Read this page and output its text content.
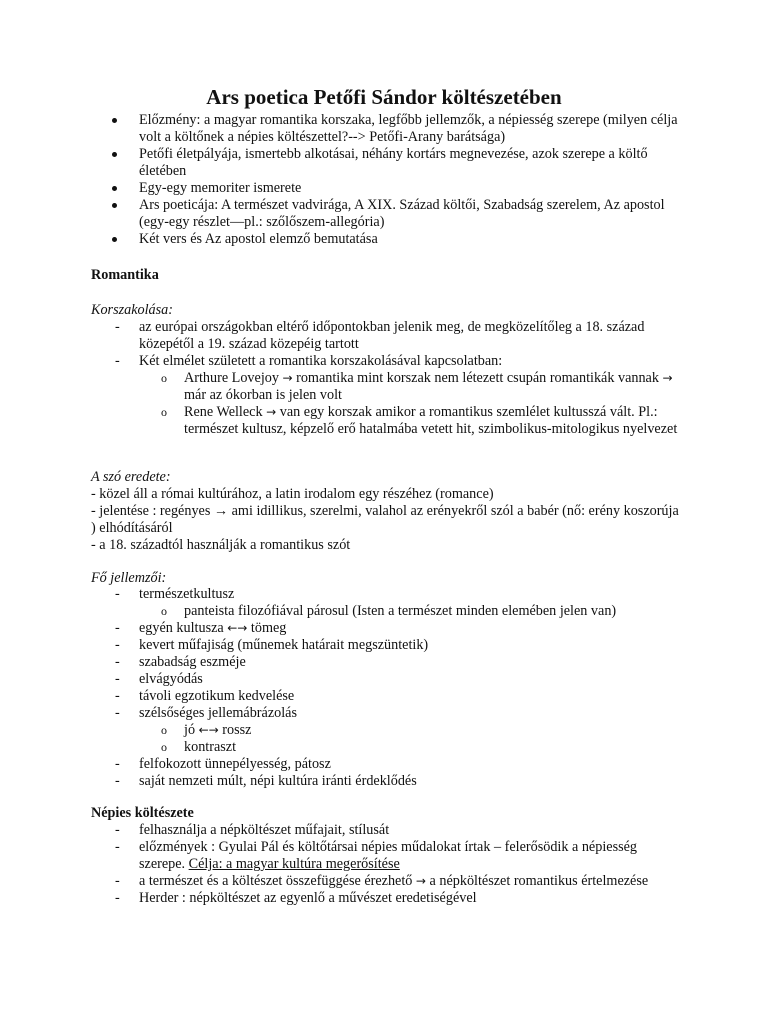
Ars poetica Petőfi Sándor költészetében
Előzmény: a magyar romantika korszaka, legfőbb jellemzők, a népiesség szerepe (milyen célja volt a költőnek a népies költészettel?--> Petőfi-Arany barátsága)
Petőfi életpályája, ismertebb alkotásai, néhány kortárs megnevezése, azok szerepe a költő életében
Egy-egy memoriter ismerete
Ars poeticája: A természet vadvirága, A XIX. Század költői, Szabadság szerelem, Az apostol (egy-egy részlet—pl.: szőlőszem-allegória)
Két vers és Az apostol elemző bemutatása
Romantika
Korszakolása:
- az európai országokban eltérő időpontokban jelenik meg, de megközelítőleg a 18. század közepétől a 19. század közepéig tartott
- Két elmélet született a romantika korszakolásával kapcsolatban:
o Arthure Lovejoy → romantika mint korszak nem létezett csupán romantikák vannak → már az ókorban is jelen volt
o Rene Welleck → van egy korszak amikor a romantikus szemlélet kultusszá vált. Pl.: természet kultusz, képzelő erő hatalmába vetett hit, szimbolikus-mitologikus nyelvezet
A szó eredete:
- közel áll a római kultúrához, a latin irodalom egy részéhez (romance)
- jelentése : regényes → ami idillikus, szerelmi, valahol az erényekről szól a babér (nő: erény koszorúja ) elhódításáról
- a 18. századtól használják a romantikus szót
Fő jellemzői:
- természetkultusz
o panteista filozófiával párosul (Isten a természet minden elemében jelen van)
- egyén kultusza ←→ tömeg
- kevert műfajiság (műnemek határait megszüntetik)
- szabadság eszméje
- elvágyódás
- távoli egzotikum kedvelése
- szélsőséges jellemábrázolás
o jó ←→ rossz
o kontraszt
- felfokozott ünnepélyesség, pátosz
- saját nemzeti múlt, népi kultúra iránti érdeklődés
Népies költészete
- felhasználja a népköltészet műfajait, stílusát
- előzmények : Gyulai Pál és költőtársai népies műdalokat írtak – felerősödik a népiesség szerepe. Célja: a magyar kultúra megerősítése
- a természet és a költészet összefüggése érezhető → a népköltészet romantikus értelmezése
- Herder : népköltészet az egyenlő a művészet eredetiségével
